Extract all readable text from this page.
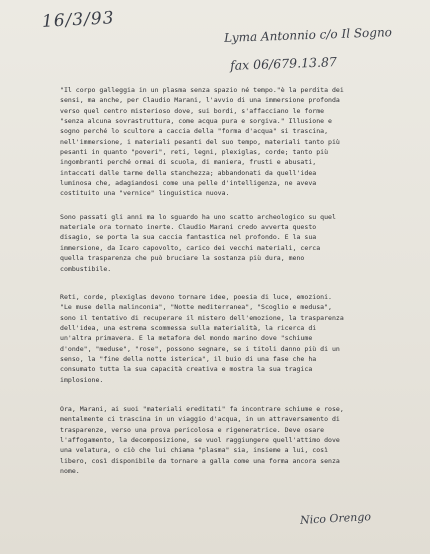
16/3/93
Lyma Antonnio c/o Il Sogno
fax 06/679.13.87

"Il corpo galleggia in un plasma senza spazio né tempo."è la perdita dei
sensi, ma anche, per Claudio Marani, l'avvio di una immersione profonda
verso quel centro misterioso dove, sui bordi, s'affacciano le forme
"senza alcuna sovrastruttura, come acqua pura e sorgiva." Illusione e
sogno perché lo scultore a caccia della "forma d'acqua" si trascina,
nell'immersione, i materiali pesanti del suo tempo, materiali tanto più
pesanti in quanto "poveri", reti, legni, plexiglas, corde; tanto più
ingombranti perché ormai di scuola, di maniera, frusti e abusati,
intaccati dalle tarme della stanchezza; abbandonati da quell'idea
luminosa che, adagiandosi come una pelle d'intelligenza, ne aveva
costituito una "vernice" linguistica nuova.

Sono passati gli anni ma lo sguardo ha uno scatto archeologico su quel
materiale ora tornato inerte. Claudio Marani credo avverta questo
disagio, se porta la sua caccia fantastica nel profondo. E la sua
immersione, da Icaro capovolto, carico dei vecchi materiali, cerca
quella trasparenza che può bruciare la sostanza più dura, meno
combustibile.

Reti, corde, plexiglas devono tornare idee, poesia di luce, emozioni.
"Le muse della malinconia", "Notte mediterranea", "Scoglio e medusa",
sono il tentativo di recuperare il mistero dell'emozione, la trasparenza
dell'idea, una estrema scommessa sulla materialità, la ricerca di
un'altra primavera. E la metafora del mondo marino dove "schiume
d'onde", "meduse", "rose", possono segnare, se i titoli danno più di un
senso, la "fine della notte isterica", il buio di una fase che ha
consumato tutta la sua capacità creativa e mostra la sua tragica
implosione.

Ora, Marani, ai suoi "materiali ereditati" fa incontrare schiume e rose,
mentalmente ci trascina in un viaggio d'acqua, in un attraversamento di
trasparenze, verso una prova pericolosa e rigeneratrice. Deve osare
l'affogamento, la decomposizione, se vuol raggiungere quell'attimo dove
una velatura, o ciò che lui chiama "plasma" sia, insieme a lui, così
libero, così disponibile da tornare a galla come una forma ancora senza
nome.

Nico Orengo
